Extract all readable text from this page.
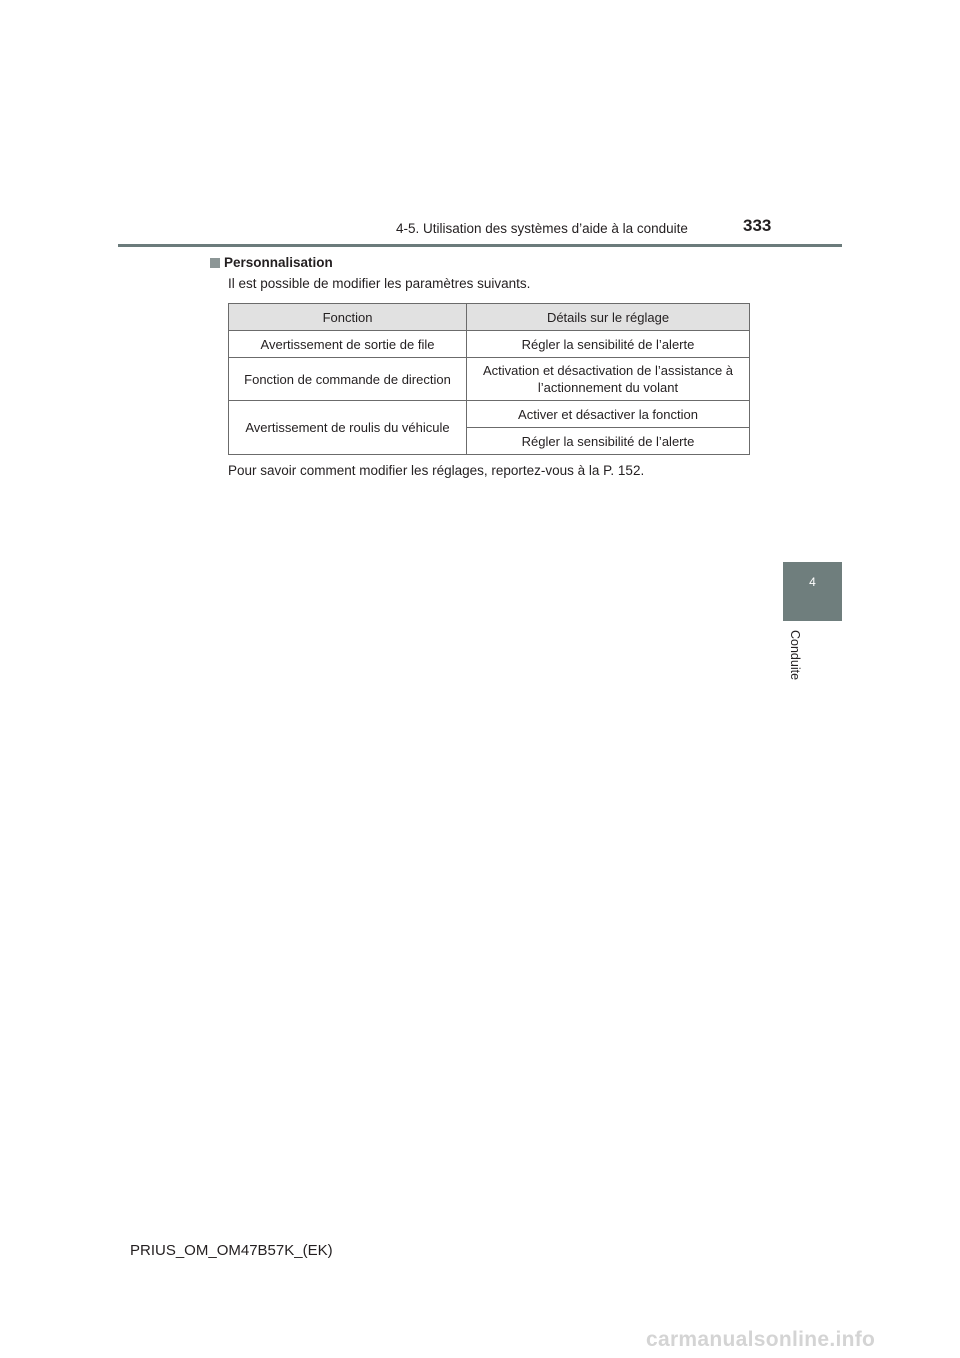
4-5. Utilisation des systèmes d’aide à la conduite	333
4
Conduite
Personnalisation
Il est possible de modifier les paramètres suivants.
Fonction	Détails sur le réglage
Avertissement de sortie de file	Régler la sensibilité de l’alerte
Fonction de commande de direction	Activation et désactivation de l’assistance à l’actionnement du volant
Avertissement de roulis du véhicule	Activer et désactiver la fonction
	Régler la sensibilité de l’alerte
Pour savoir comment modifier les réglages, reportez-vous à la P. 152.
PRIUS_OM_OM47B57K_(EK)
carmanualsonline.info
